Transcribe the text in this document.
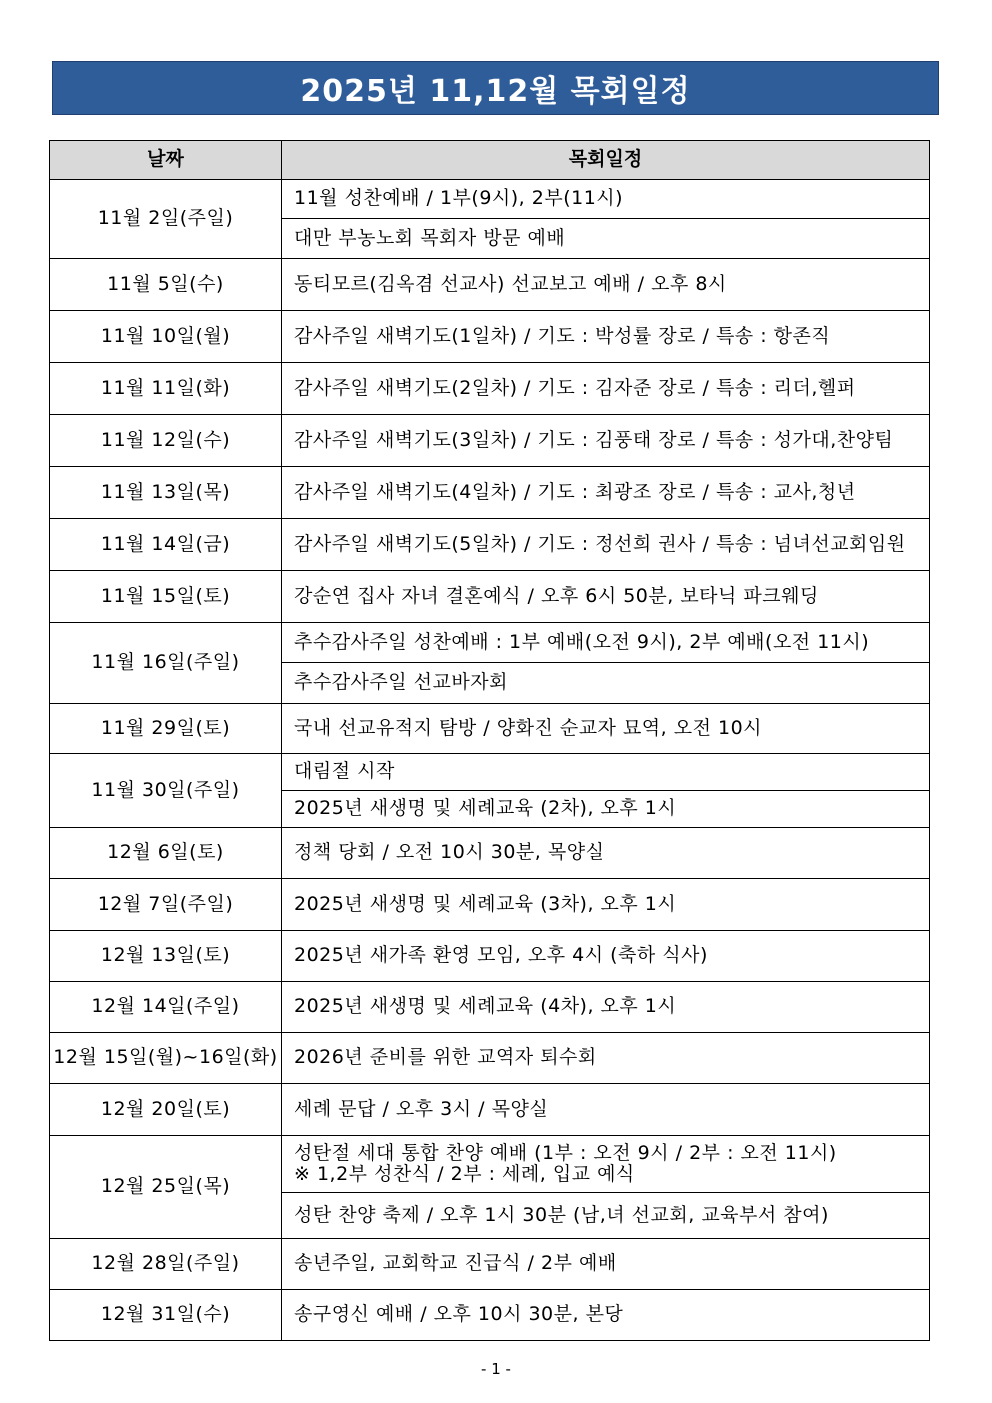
2025년 11,12월 목회일정
날짜	목회일정
11월 2일(주일)	11월 성찬예배 / 1부(9시), 2부(11시)
	대만 부농노회 목회자 방문 예배
11월 5일(수)	동티모르(김옥겸 선교사) 선교보고 예배 / 오후 8시
11월 10일(월)	감사주일 새벽기도(1일차) / 기도 : 박성률 장로 / 특송 : 항존직
11월 11일(화)	감사주일 새벽기도(2일차) / 기도 : 김자준 장로 / 특송 : 리더,헬퍼
11월 12일(수)	감사주일 새벽기도(3일차) / 기도 : 김풍태 장로 / 특송 : 성가대,찬양팀
11월 13일(목)	감사주일 새벽기도(4일차) / 기도 : 최광조 장로 / 특송 : 교사,청년
11월 14일(금)	감사주일 새벽기도(5일차) / 기도 : 정선희 권사 / 특송 : 넘녀선교회임원
11월 15일(토)	강순연 집사 자녀 결혼예식 / 오후 6시 50분, 보타닉 파크웨딩
11월 16일(주일)	추수감사주일 성찬예배 : 1부 예배(오전 9시), 2부 예배(오전 11시)
	추수감사주일 선교바자회
11월 29일(토)	국내 선교유적지 탐방 / 양화진 순교자 묘역, 오전 10시
11월 30일(주일)	대림절 시작
	2025년 새생명 및 세례교육 (2차), 오후 1시
12월 6일(토)	정책 당회 / 오전 10시 30분, 목양실
12월 7일(주일)	2025년 새생명 및 세례교육 (3차), 오후 1시
12월 13일(토)	2025년 새가족 환영 모임, 오후 4시 (축하 식사)
12월 14일(주일)	2025년 새생명 및 세례교육 (4차), 오후 1시
12월 15일(월)~16일(화)	2026년 준비를 위한 교역자 퇴수회
12월 20일(토)	세례 문답 / 오후 3시 / 목양실
12월 25일(목)	성탄절 세대 통합 찬양 예배 (1부 : 오전 9시 / 2부 : 오전 11시)
※ 1,2부 성찬식 / 2부 : 세례, 입교 예식
	성탄 찬양 축제 / 오후 1시 30분 (남,녀 선교회, 교육부서 참여)
12월 28일(주일)	송년주일, 교회학교 진급식 / 2부 예배
12월 31일(수)	송구영신 예배 / 오후 10시 30분, 본당
- 1 -
